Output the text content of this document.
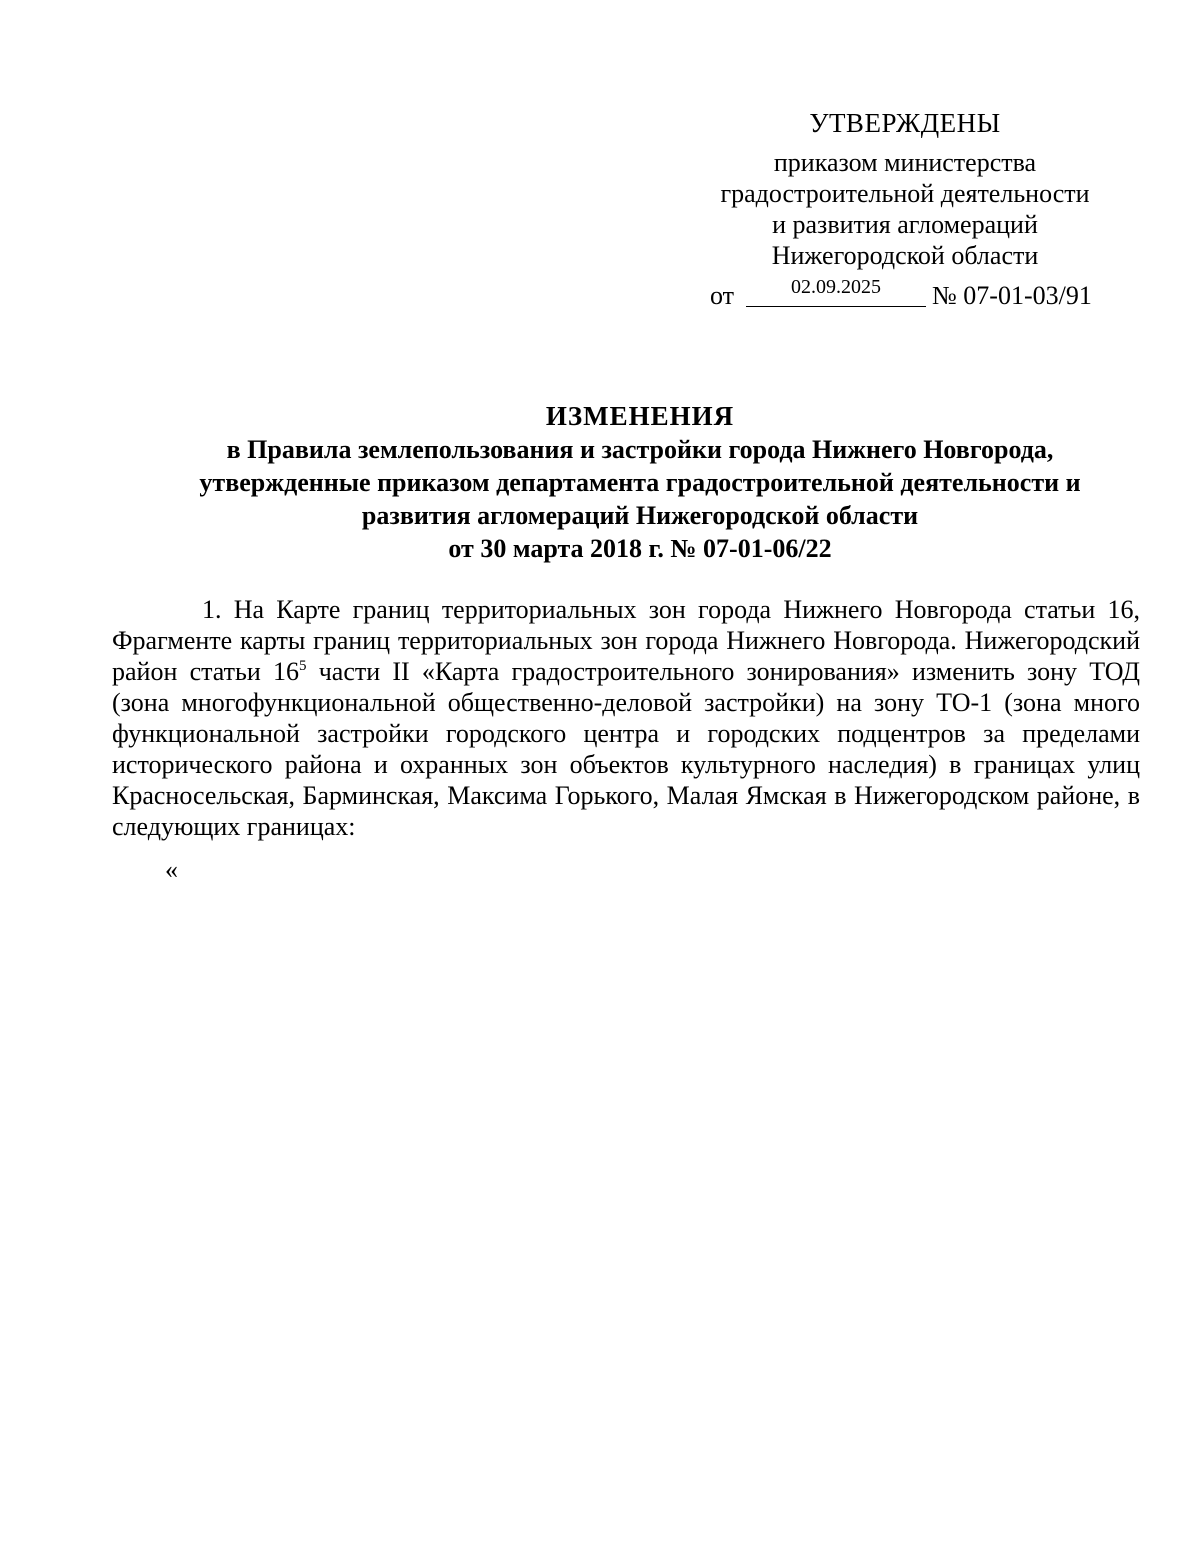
УТВЕРЖДЕНЫ
приказом министерства
градостроительной деятельности
и развития агломераций
Нижегородской области
от	02.09.2025	№ 07-01-03/91
ИЗМЕНЕНИЯ
в Правила землепользования и застройки города Нижнего Новгорода,
утвержденные приказом департамента градостроительной деятельности и
развития агломераций Нижегородской области
от 30 марта 2018 г. № 07-01-06/22
1. На Карте границ территориальных зон города Нижнего Новгорода статьи 16, Фрагменте карты границ территориальных зон города Нижнего Новгорода. Нижегородский район статьи $16^5$ части II «Карта градостроительного зонирования» изменить зону ТОД (зона многофункциональной общественно-деловой застройки) на зону ТО-1 (зона много функциональной застройки городского центра и городских подцентров за пределами исторического района и охранных зон объектов культурного наследия) в границах улиц Красносельская, Барминская, Максима Горького, Малая Ямская в Нижегородском районе, в следующих границах:
«
